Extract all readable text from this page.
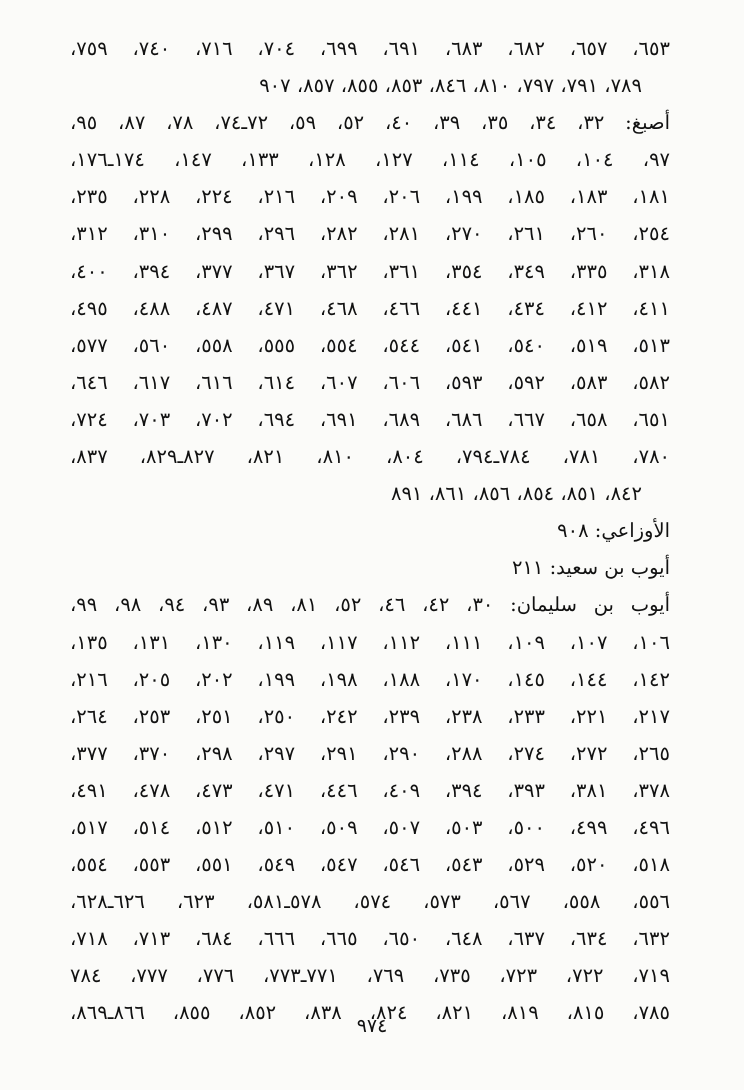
٦٥٣، ٦٥٧، ٦٨٢، ٦٨٣، ٦٩١، ٦٩٩، ٧٠٤، ٧١٦، ٧٤٠، ٧٥٩،
٧٨٩، ٧٩١، ٧٩٧، ٨١٠، ٨٤٦، ٨٥٣، ٨٥٥، ٨٥٧، ٩٠٧
أصبغ: ٣٢، ٣٤، ٣٥، ٣٩، ٤٠، ٥٢، ٥٩، ٧٢ـ٧٤، ٧٨، ٨٧، ٩٥،
٩٧، ١٠٤، ١٠٥، ١١٤، ١٢٧، ١٢٨، ١٣٣، ١٤٧، ١٧٤ـ١٧٦،
١٨١، ١٨٣، ١٨٥، ١٩٩، ٢٠٦، ٢٠٩، ٢١٦، ٢٢٤، ٢٢٨، ٢٣٥،
٢٥٤، ٢٦٠، ٢٦١، ٢٧٠، ٢٨١، ٢٨٢، ٢٩٦، ٢٩٩، ٣١٠، ٣١٢،
٣١٨، ٣٣٥، ٣٤٩، ٣٥٤، ٣٦١، ٣٦٢، ٣٦٧، ٣٧٧، ٣٩٤، ٤٠٠،
٤١١، ٤١٢، ٤٣٤، ٤٤١، ٤٦٦، ٤٦٨، ٤٧١، ٤٨٧، ٤٨٨، ٤٩٥،
٥١٣، ٥١٩، ٥٤٠، ٥٤١، ٥٤٤، ٥٥٤، ٥٥٥، ٥٥٨، ٥٦٠، ٥٧٧،
٥٨٢، ٥٨٣، ٥٩٢، ٥٩٣، ٦٠٦، ٦٠٧، ٦١٤، ٦١٦، ٦١٧، ٦٤٦،
٦٥١، ٦٥٨، ٦٦٧، ٦٨٦، ٦٨٩، ٦٩١، ٦٩٤، ٧٠٢، ٧٠٣، ٧٢٤،
٧٨٠، ٧٨١، ٧٨٤ـ٧٩٤، ٨٠٤، ٨١٠، ٨٢١، ٨٢٧ـ٨٢٩، ٨٣٧،
٨٤٢، ٨٥١، ٨٥٤، ٨٥٦، ٨٦١، ٨٩١
الأوزاعي: ٩٠٨
أيوب بن سعيد: ٢١١
أيوب بن سليمان: ٣٠، ٤٢، ٤٦، ٥٢، ٨١، ٨٩، ٩٣، ٩٤، ٩٨، ٩٩،
١٠٦، ١٠٧، ١٠٩، ١١١، ١١٢، ١١٧، ١١٩، ١٣٠، ١٣١، ١٣٥،
١٤٢، ١٤٤، ١٤٥، ١٧٠، ١٨٨، ١٩٨، ١٩٩، ٢٠٢، ٢٠٥، ٢١٦،
٢١٧، ٢٢١، ٢٣٣، ٢٣٨، ٢٣٩، ٢٤٢، ٢٥٠، ٢٥١، ٢٥٣، ٢٦٤،
٢٦٥، ٢٧٢، ٢٧٤، ٢٨٨، ٢٩٠، ٢٩١، ٢٩٧، ٢٩٨، ٣٧٠، ٣٧٧،
٣٧٨، ٣٨١، ٣٩٣، ٣٩٤، ٤٠٩، ٤٤٦، ٤٧١، ٤٧٣، ٤٧٨، ٤٩١،
٤٩٦، ٤٩٩، ٥٠٠، ٥٠٣، ٥٠٧، ٥٠٩، ٥١٠، ٥١٢، ٥١٤، ٥١٧،
٥١٨، ٥٢٠، ٥٢٩، ٥٤٣، ٥٤٦، ٥٤٧، ٥٤٩، ٥٥١، ٥٥٣، ٥٥٤،
٥٥٦، ٥٥٨، ٥٦٧، ٥٧٣، ٥٧٤، ٥٧٨ـ٥٨١، ٦٢٣، ٦٢٦ـ٦٢٨،
٦٣٢، ٦٣٤، ٦٣٧، ٦٤٨، ٦٥٠، ٦٦٥، ٦٦٦، ٦٨٤، ٧١٣، ٧١٨،
٧١٩، ٧٢٢، ٧٢٣، ٧٣٥، ٧٦٩، ٧٧١ـ٧٧٣، ٧٧٦، ٧٧٧، ٧٨٤
٧٨٥، ٨١٥، ٨١٩، ٨٢١، ٨٢٤، ٨٣٨، ٨٥٢، ٨٥٥، ٨٦٦ـ٨٦٩،
٩٧٤
